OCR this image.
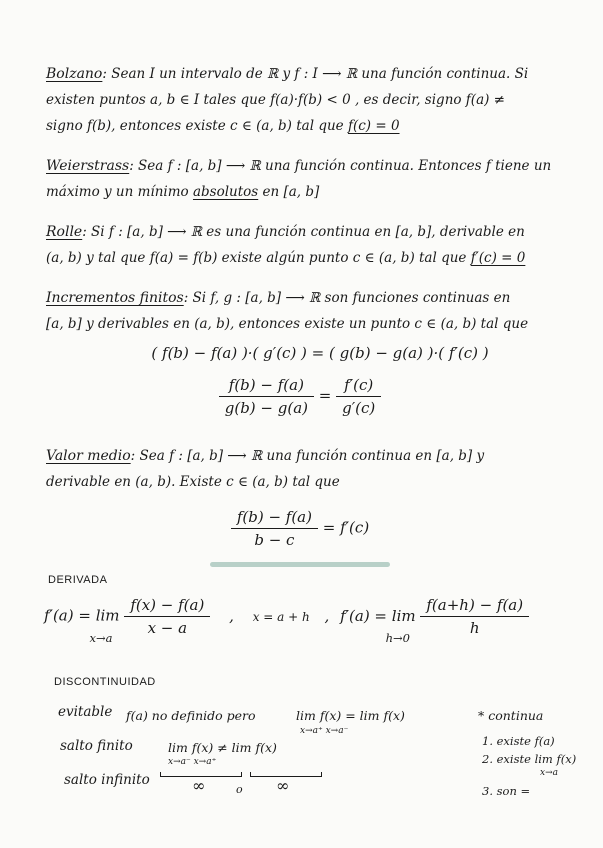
Bolzano: Sean I un intervalo de ℝ y f : I ⟶ ℝ una función continua. Si
existen puntos a, b ∈ I tales que f(a)·f(b) < 0 , es decir, signo f(a) ≠
signo f(b), entonces existe c ∈ (a, b) tal que f(c) = 0
Weierstrass: Sea f : [a, b] ⟶ ℝ una función continua. Entonces f tiene un
máximo y un mínimo absolutos en [a, b]
Rolle: Si f : [a, b] ⟶ ℝ es una función continua en [a, b], derivable en
(a, b) y tal que f(a) = f(b) existe algún punto c ∈ (a, b) tal que f′(c) = 0
Incrementos finitos: Si f, g : [a, b] ⟶ ℝ son funciones continuas en
[a, b] y derivables en (a, b), entonces existe un punto c ∈ (a, b) tal que
( f(b) − f(a) )·( g′(c) ) = ( g(b) − g(a) )·( f′(c) )
$\frac{f(b) - f(a)}{g(b) - g(a)} = \frac{f'(c)}{g'(c)}$
Valor medio: Sea f : [a, b] ⟶ ℝ una función continua en [a, b] y
derivable en (a, b). Existe c ∈ (a, b) tal que
$\frac{f(b) - f(a)}{b - c} = f'(c)$
DERIVADA
f′(a) = lim
x→a
$\frac{f(x) - f(a)}{x - a}$ , x = a + h , f′(a) = lim
h→0
$\frac{f(a+h) - f(a)}{h}$
DISCONTINUIDAD
evitable f(a) no definido pero	lim f(x) = lim f(x)
x→a⁺ x→a⁻
salto finito	lim f(x) ≠ lim f(x)
x→a⁻ x→a⁺
salto infinito	∞	o ∞
* continua
1. existe f(a)
2. existe lim f(x)
x→a
3. son =
